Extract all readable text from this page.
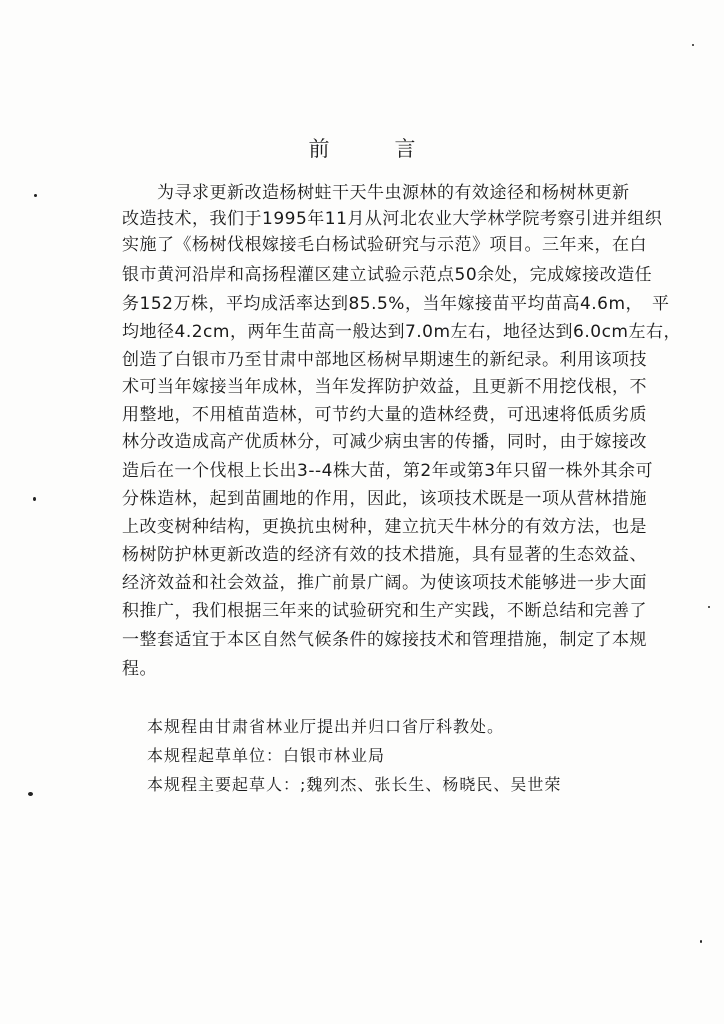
前　言
　　为寻求更新改造杨树蛀干天牛虫源林的有效途径和杨树林更新
改造技术，我们于1995年11月从河北农业大学林学院考察引进并组织
实施了《杨树伐根嫁接毛白杨试验研究与示范》项目。三年来，在白
银市黄河沿岸和高扬程灌区建立试验示范点50余处，完成嫁接改造任
务152万株，平均成活率达到85.5%，当年嫁接苗平均苗高4.6m，　平
均地径4.2cm，两年生苗高一般达到7.0m左右，地径达到6.0cm左右，
创造了白银市乃至甘肃中部地区杨树早期速生的新纪录。利用该项技
术可当年嫁接当年成林，当年发挥防护效益，且更新不用挖伐根，不
用整地，不用植苗造林，可节约大量的造林经费，可迅速将低质劣质
林分改造成高产优质林分，可减少病虫害的传播，同时，由于嫁接改
造后在一个伐根上长出3--4株大苗，第2年或第3年只留一株外其余可
分株造林，起到苗圃地的作用，因此，该项技术既是一项从营林措施
上改变树种结构，更换抗虫树种，建立抗天牛林分的有效方法，也是
杨树防护林更新改造的经济有效的技术措施，具有显著的生态效益、
经济效益和社会效益，推广前景广阔。为使该项技术能够进一步大面
积推广，我们根据三年来的试验研究和生产实践，不断总结和完善了
一整套适宜于本区自然气候条件的嫁接技术和管理措施，制定了本规
程。
本规程由甘肃省林业厅提出并归口省厅科教处。
本规程起草单位：白银市林业局
本规程主要起草人：;魏列杰、张长生、杨晓民、吴世荣
